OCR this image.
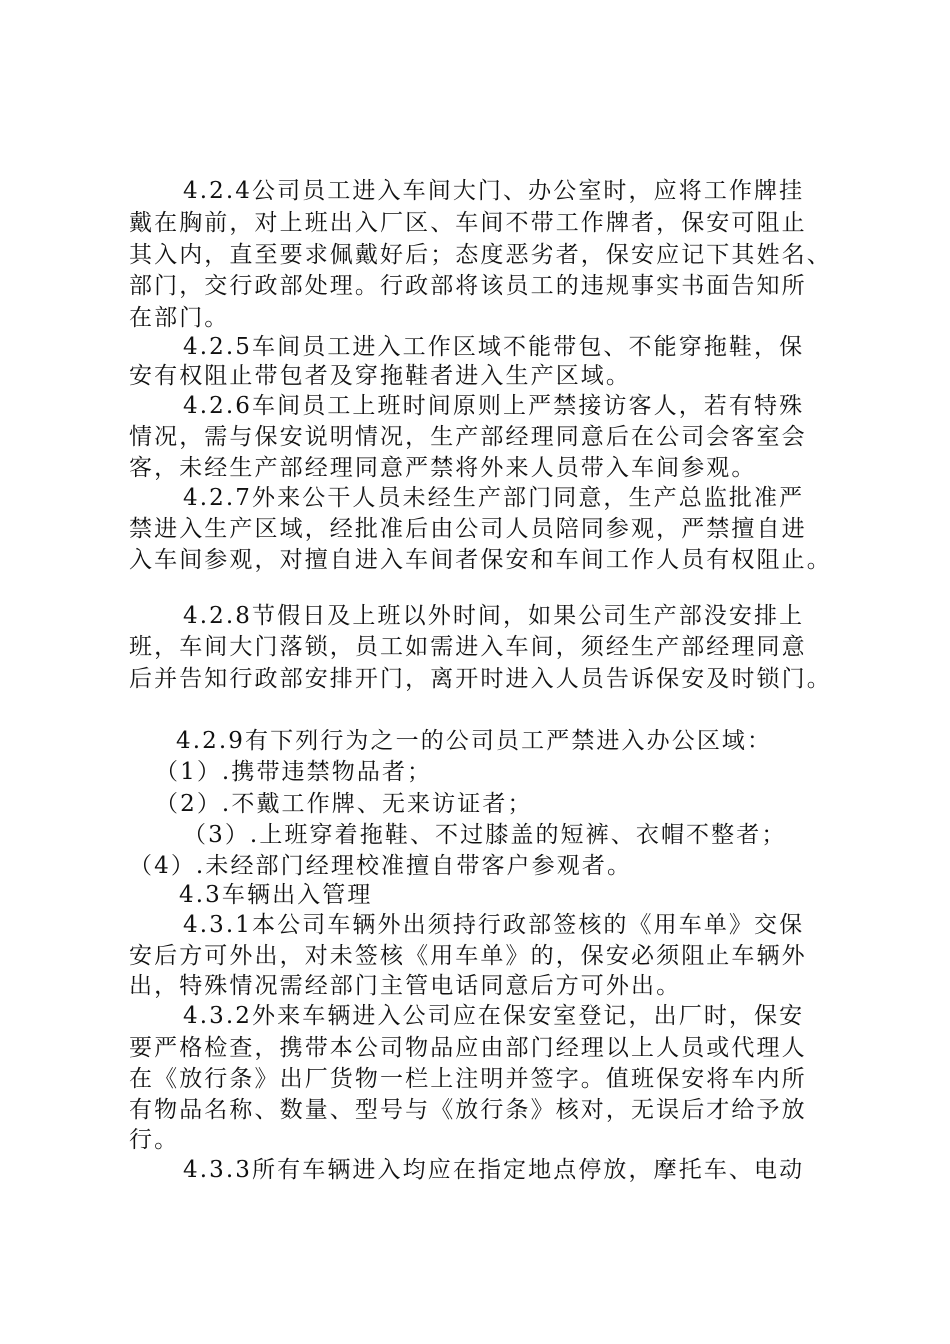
4.2.4公司员工进入车间大门、办公室时，应将工作牌挂
戴在胸前，对上班出入厂区、车间不带工作牌者，保安可阻止
其入内，直至要求佩戴好后；态度恶劣者，保安应记下其姓名、
部门，交行政部处理。行政部将该员工的违规事实书面告知所
在部门。
4.2.5车间员工进入工作区域不能带包、不能穿拖鞋，保
安有权阻止带包者及穿拖鞋者进入生产区域。
4.2.6车间员工上班时间原则上严禁接访客人，若有特殊
情况，需与保安说明情况，生产部经理同意后在公司会客室会
客，未经生产部经理同意严禁将外来人员带入车间参观。
4.2.7外来公干人员未经生产部门同意，生产总监批准严
禁进入生产区域，经批准后由公司人员陪同参观，严禁擅自进
入车间参观，对擅自进入车间者保安和车间工作人员有权阻止。
4.2.8节假日及上班以外时间，如果公司生产部没安排上
班，车间大门落锁，员工如需进入车间，须经生产部经理同意
后并告知行政部安排开门，离开时进入人员告诉保安及时锁门。
4.2.9有下列行为之一的公司员工严禁进入办公区域：
（1）.携带违禁物品者；
（2）.不戴工作牌、无来访证者；
（3）.上班穿着拖鞋、不过膝盖的短裤、衣帽不整者；
（4）.未经部门经理校准擅自带客户参观者。
4.3车辆出入管理
4.3.1本公司车辆外出须持行政部签核的《用车单》交保
安后方可外出，对未签核《用车单》的，保安必须阻止车辆外
出，特殊情况需经部门主管电话同意后方可外出。
4.3.2外来车辆进入公司应在保安室登记，出厂时，保安
要严格检查，携带本公司物品应由部门经理以上人员或代理人
在《放行条》出厂货物一栏上注明并签字。值班保安将车内所
有物品名称、数量、型号与《放行条》核对，无误后才给予放
行。
4.3.3所有车辆进入均应在指定地点停放，摩托车、电动
